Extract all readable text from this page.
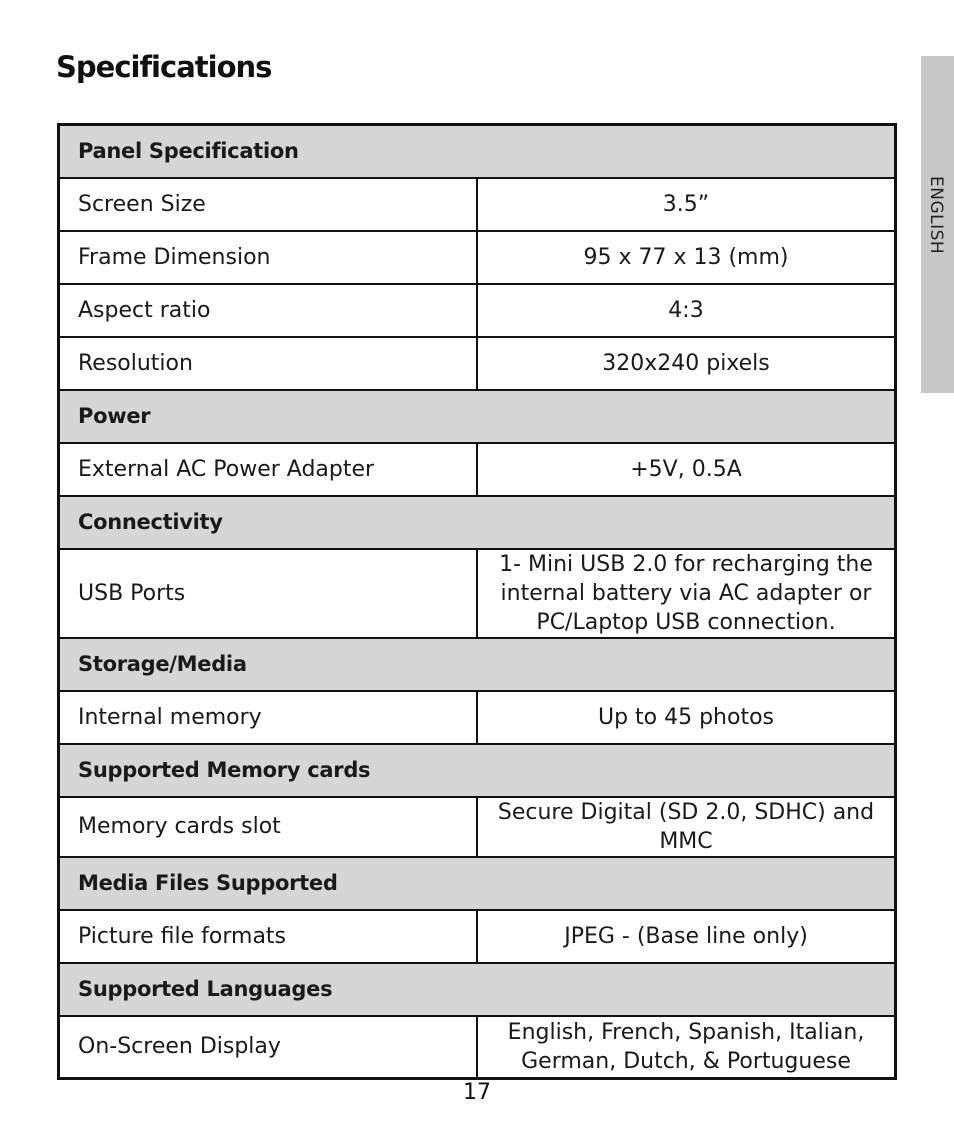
Specifications
ENGLISH
Panel Specification	
Screen Size	3.5”
Frame Dimension	95 x 77 x 13 (mm)
Aspect ratio	4:3
Resolution	320x240 pixels
Power	
External AC Power Adapter	+5V, 0.5A
Connectivity	
USB Ports	1- Mini USB 2.0 for recharging the internal battery via AC adapter or PC/Laptop USB connection.
Storage/Media	
Internal memory	Up to 45 photos
Supported Memory cards	
Memory cards slot	Secure Digital (SD 2.0, SDHC) and MMC
Media Files Supported	
Picture file formats	JPEG - (Base line only)
Supported Languages	
On-Screen Display	English, French, Spanish, Italian, German, Dutch, & Portuguese
17
